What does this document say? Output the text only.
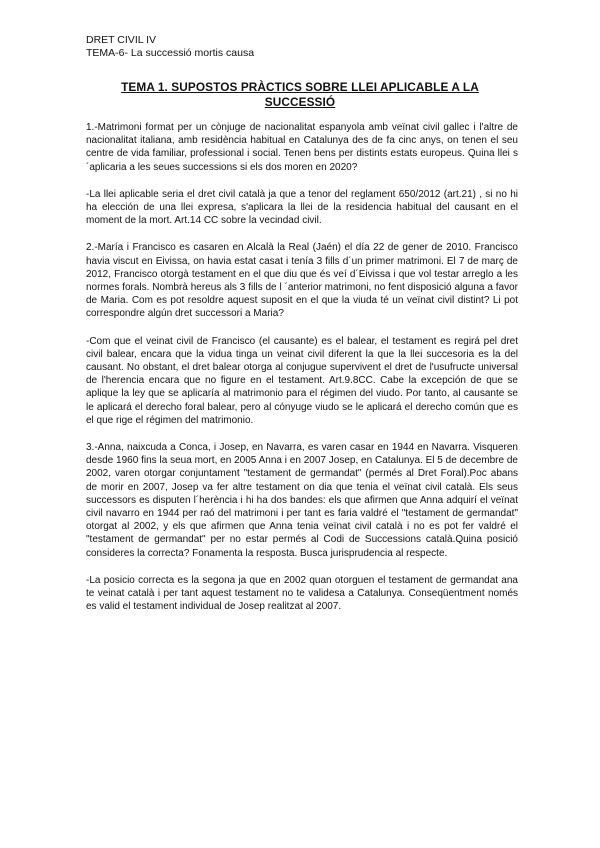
DRET CIVIL IV
TEMA-6- La successió mortis causa
TEMA 1. SUPOSTOS PRÀCTICS SOBRE LLEI APLICABLE A LA
SUCCESSIÓ

1.-Matrimoni format per un cònjuge de nacionalitat espanyola amb veïnat civil gallec i l'altre de nacionalitat italiana, amb residència habitual en Catalunya des de fa cinc anys, on tenen el seu centre de vida familiar, professional i social. Tenen bens per distints estats europeus. Quina llei s´aplicaria a les seues successions si els dos moren en 2020?

-La llei aplicable seria el dret civil català ja que a tenor del reglament 650/2012 (art.21) , si no hi ha elección de una llei expresa, s'aplicara la llei de la residencia habitual del causant en el moment de la mort. Art.14 CC sobre la vecindad civil.

2.-María i Francisco es casaren en Alcalà la Real (Jaén) el día 22 de gener de 2010. Francisco havia viscut en Eivissa, on havia estat casat i tenía 3 fills d´un primer matrimoni. El 7 de març de 2012, Francisco otorgà testament en el que diu que és veí d´Eivissa i que vol testar arreglo a les normes forals. Nombrà hereus als 3 fills de l ´anterior matrimoni, no fent disposició alguna a favor de Maria. Com es pot resoldre aquest suposit en el que la viuda té un veïnat civil distint? Li pot correspondre algún dret successori a Maria?

-Com que el veinat civil de Francisco (el causante) es el balear, el testament es regirá pel dret civil balear, encara que la vidua tinga un veinat civil diferent la que la llei succesoria es la del causant. No obstant, el dret balear otorga al conjugue supervivent el dret de l'usufructe universal de l'herencia encara que no figure en el testament. Art.9.8CC. Cabe la excepción de que se aplique la ley que se aplicaría al matrimonio para el régimen del viudo. Por tanto, al causante se le aplicará el derecho foral balear, pero al cónyuge viudo se le aplicará el derecho común que es el que rige el régimen del matrimonio.

3.-Anna, naixcuda a Conca, i Josep, en Navarra, es varen casar en 1944 en Navarra. Visqueren desde 1960 fins la seua mort, en 2005 Anna i en 2007 Josep, en Catalunya. El 5 de decembre de 2002, varen otorgar conjuntament "testament de germandat" (permés al Dret Foral).Poc abans de morir en 2007, Josep va fer altre testament on dia que tenia el veïnat civil català. Els seus successors es disputen l´herència i hi ha dos bandes: els que afirmen que Anna adquirí el veïnat civil navarro en 1944 per raó del matrimoni i per tant es faria valdré el "testament de germandat" otorgat al 2002, y els que afirmen que Anna tenia veïnat civil català i no es pot fer valdré el "testament de germandat" per no estar permés al Codi de Successions català.Quina posició consideres la correcta? Fonamenta la resposta. Busca jurisprudencia al respecte.

-La posicio correcta es la segona ja que en 2002 quan otorguen el testament de germandat ana te veinat català i per tant aquest testament no te validesa a Catalunya. Conseqüentment només es valid el testament individual de Josep realitzat al 2007.
